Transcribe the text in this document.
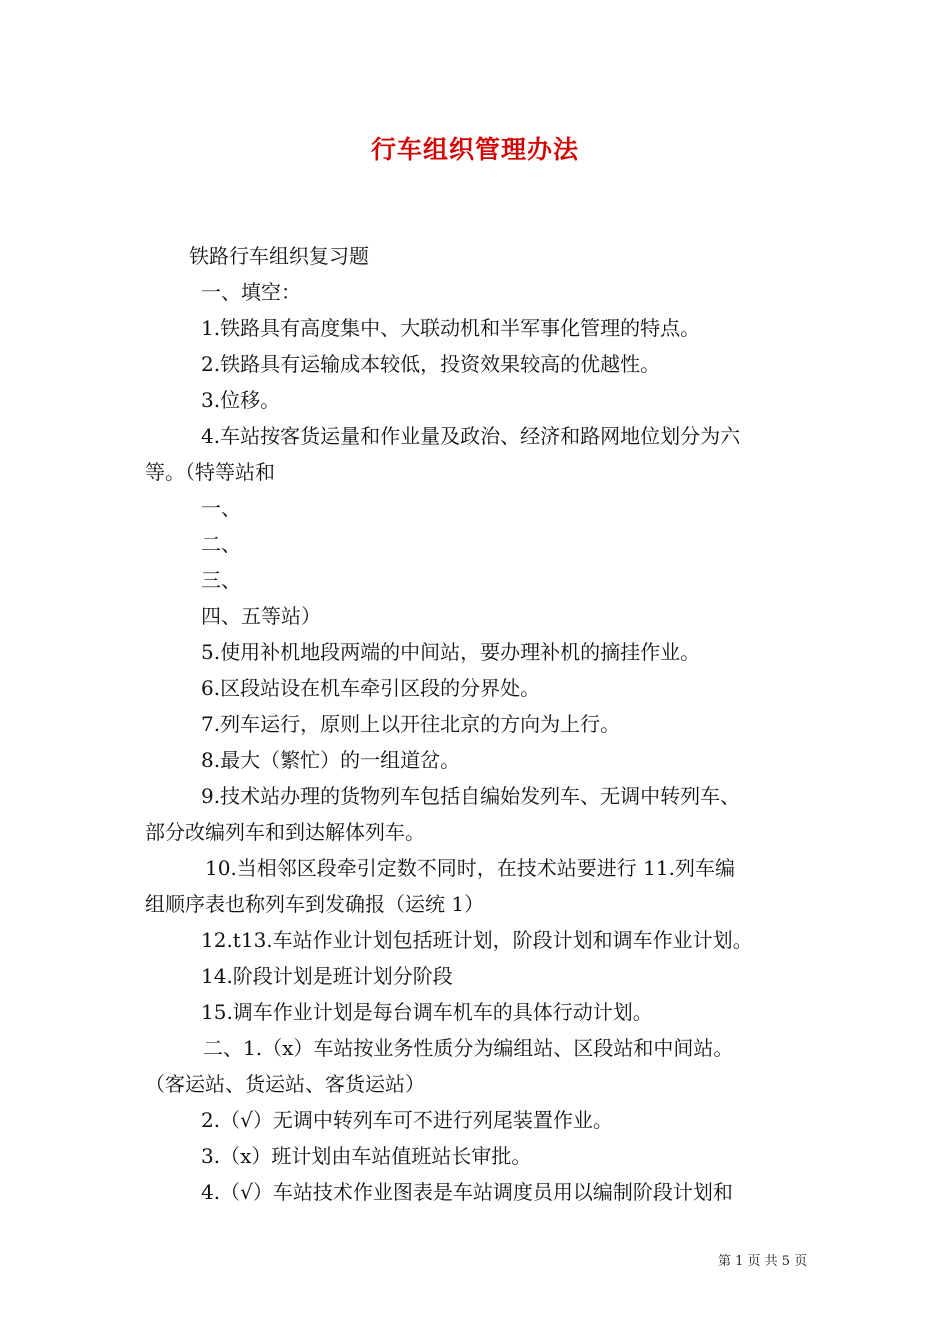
行车组织管理办法

铁路行车组织复习题

一、填空：

1.铁路具有高度集中、大联动机和半军事化管理的特点。

2.铁路具有运输成本较低，投资效果较高的优越性。

3.位移。

4.车站按客货运量和作业量及政治、经济和路网地位划分为六

等。（特等站和

一、

二、

三、

四、五等站）

5.使用补机地段两端的中间站，要办理补机的摘挂作业。

6.区段站设在机车牵引区段的分界处。

7.列车运行，原则上以开往北京的方向为上行。

8.最大（繁忙）的一组道岔。

9.技术站办理的货物列车包括自编始发列车、无调中转列车、

部分改编列车和到达解体列车。

10.当相邻区段牵引定数不同时，在技术站要进行 11.列车编

组顺序表也称列车到发确报（运统 1）

12.t13.车站作业计划包括班计划，阶段计划和调车作业计划。

14.阶段计划是班计划分阶段

15.调车作业计划是每台调车机车的具体行动计划。

二、1.（x）车站按业务性质分为编组站、区段站和中间站。

（客运站、货运站、客货运站）

2.（√）无调中转列车可不进行列尾装置作业。

3.（x）班计划由车站值班站长审批。

4.（√）车站技术作业图表是车站调度员用以编制阶段计划和

第 1 页 共 5 页
